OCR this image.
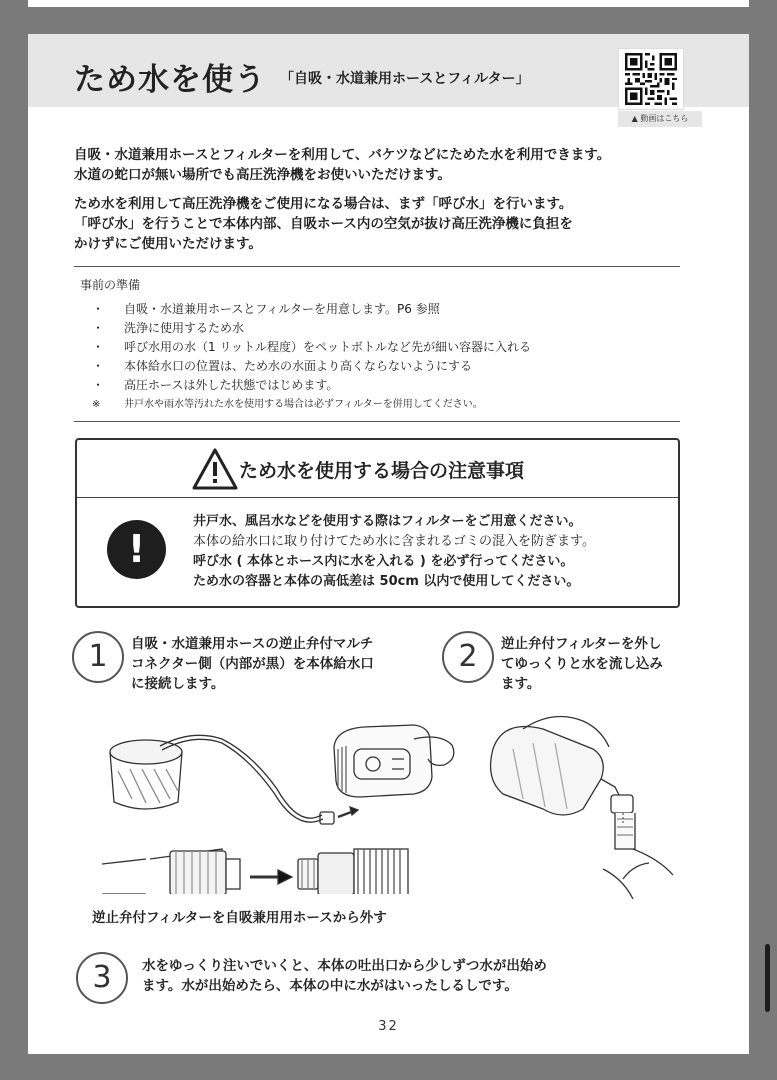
ため水を使う 「自吸・水道兼用ホースとフィルター」
▲ 動画はこちら
自吸・水道兼用ホースとフィルターを利用して、バケツなどにためた水を利用できます。
水道の蛇口が無い場所でも高圧洗浄機をお使いいただけます。
ため水を利用して高圧洗浄機をご使用になる場合は、まず「呼び水」を行います。
「呼び水」を行うことで本体内部、自吸ホース内の空気が抜け高圧洗浄機に負担を
かけずにご使用いただけます。
事前の準備
・ 自吸・水道兼用ホースとフィルターを用意します。P6 参照
・ 洗浄に使用するため水
・ 呼び水用の水（1 リットル程度）をペットボトルなど先が細い容器に入れる
・ 本体給水口の位置は、ため水の水面より高くならないようにする
・ 高圧ホースは外した状態ではじめます。
※ 井戸水や雨水等汚れた水を使用する場合は必ずフィルターを併用してください。
ため水を使用する場合の注意事項
!
井戸水、風呂水などを使用する際はフィルターをご用意ください。
本体の給水口に取り付けてため水に含まれるゴミの混入を防ぎます。
呼び水 ( 本体とホース内に水を入れる ) を必ず行ってください。
ため水の容器と本体の高低差は 50cm 以内で使用してください。
1	自吸・水道兼用ホースの逆止弁付マルチ
コネクター側（内部が黒）を本体給水口
に接続します。
2	逆止弁付フィルターを外し
てゆっくりと水を流し込み
ます。
逆止弁付フィルターを自吸兼用用ホースから外す
3	水をゆっくり注いでいくと、本体の吐出口から少しずつ水が出始め
ます。水が出始めたら、本体の中に水がはいったしるしです。
32
